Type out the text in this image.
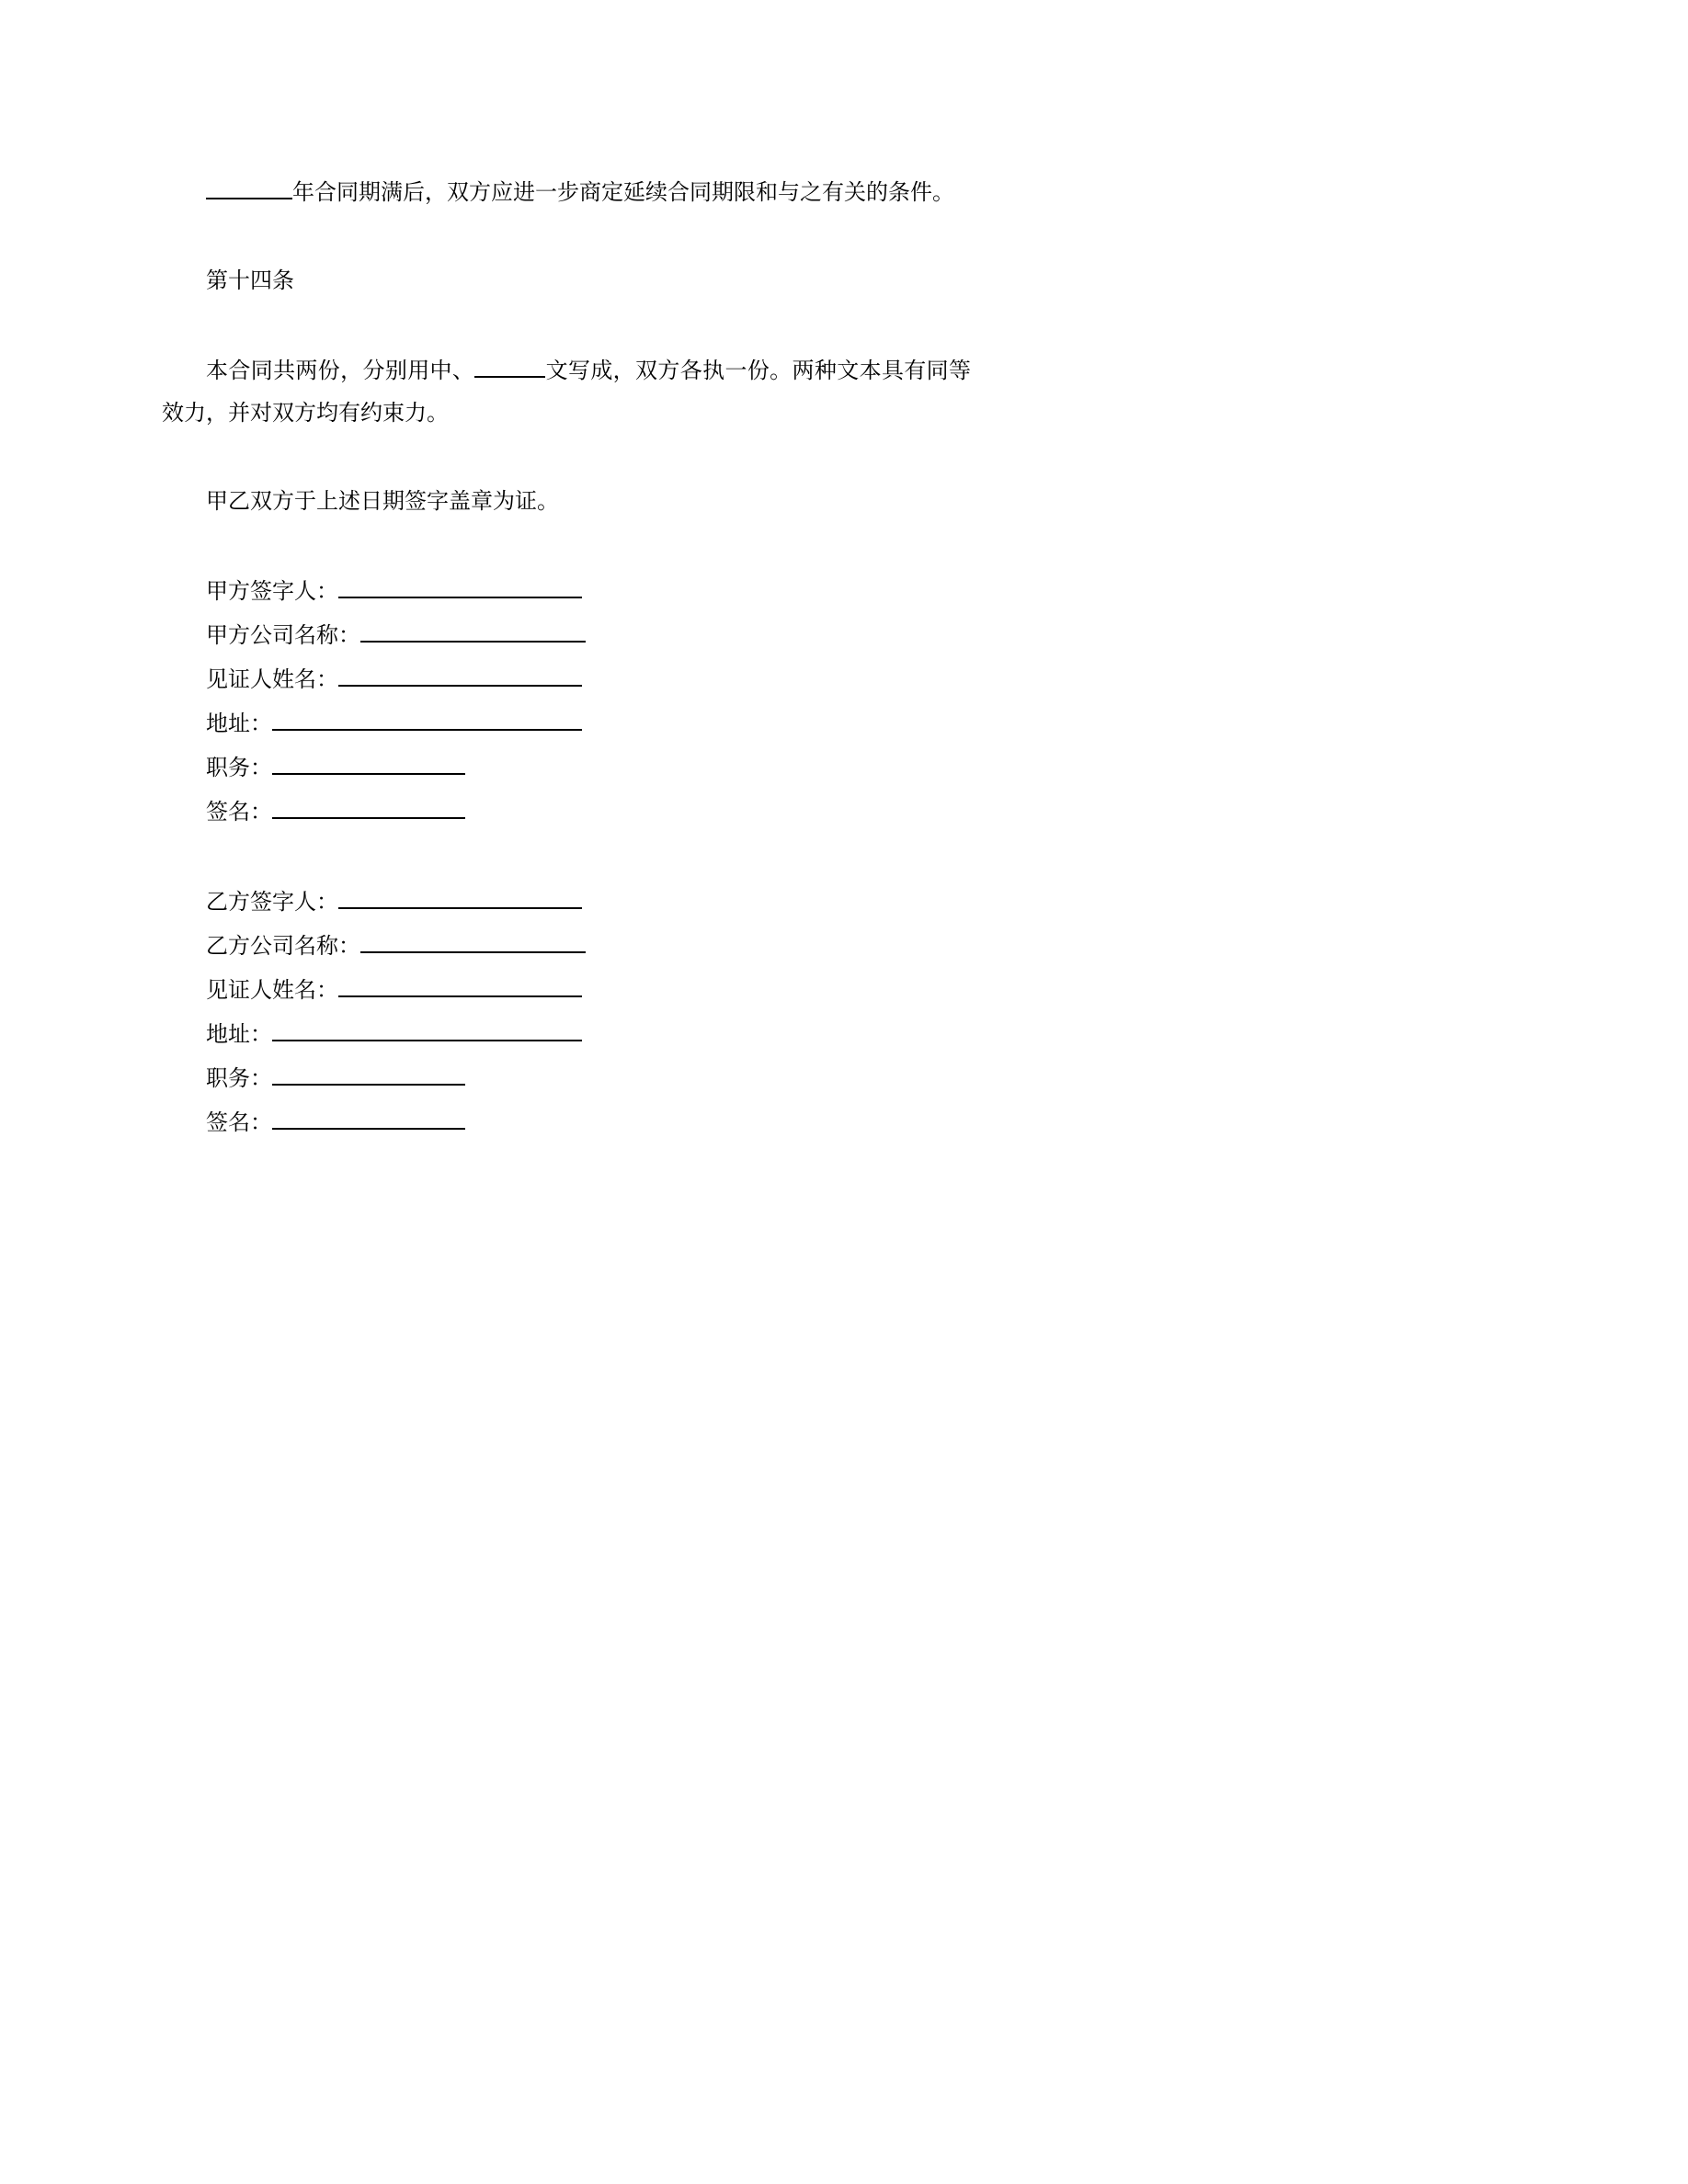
年合同期满后，双方应进一步商定延续合同期限和与之有关的条件。

第十四条

本合同共两份，分别用中、	文写成，双方各执一份。两种文本具有同等效力，并对双方均有约束力。

甲乙双方于上述日期签字盖章为证。

甲方签字人：
甲方公司名称：
见证人姓名：
地址：
职务：
签名：
乙方签字人：
乙方公司名称：
见证人姓名：
地址：
职务：
签名：
